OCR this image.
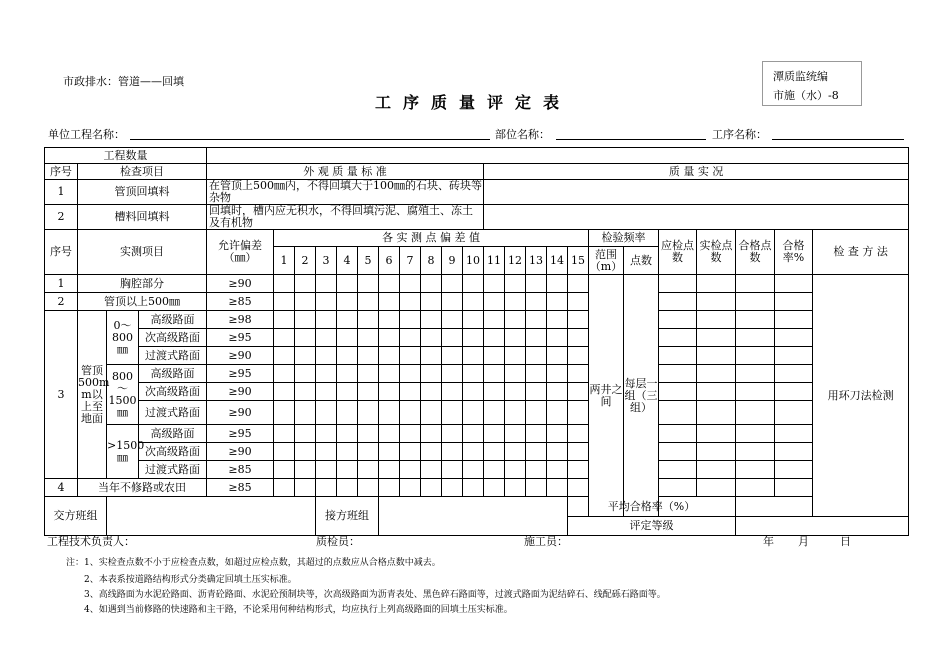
市政排水：管道——回填	潭质监统编
市施（水）-8
工序质量评定表
单位工程名称：	部位名称：	工序名称：
工程数量																										
序号	检查项目			外 观 质 量 标 准											质 量 实 况											
1	管顶回填料			在管顶上500㎜内，不得回填大于100㎜的石块、砖块等杂物																						
2	槽料回填料			回填时，槽内应无积水，不得回填污泥、腐殖土、冻土及有机物																						
序号	实测项目			允许偏差（㎜）	各 实 测 点 偏 差 值															检验频率		应检点数	实检点数	合格点数	合格率%	检 查 方 法
					1	2	3	4	5	6	7	8	9	10	11	12	13	14	15	范围（m）	点数					
1	胸腔部分			≥90																两井之间	每层一组（三组）					用环刀法检测
2	管顶以上500㎜			≥85																						
3	管顶500m m以上至地面	0～800㎜	高级路面	≥98																						
			次高级路面	≥95																						
			过渡式路面	≥90																						
		800～1500㎜	高级路面	≥95																						
			次高级路面	≥90																						
			过渡式路面	≥90																						
		>1500㎜	高级路面	≥95																						
			次高级路面	≥90																						
			过渡式路面	≥85																						
4	当年不修路或农田			≥85																						
交方班组							接方班组												平均合格率（%）							
																			评定等级							
工程技术负责人：	质检员：	施工员：	年 月	日
注：1、实检查点数不小于应检查点数，如超过应检点数，其超过的点数应从合格点数中减去。
2、本表系按道路结构形式分类确定回填土压实标准。
3、高线路面为水泥砼路面、沥青砼路面、水泥砼预制块等，次高级路面为沥青表处、黑色碎石路面等，过渡式路面为泥结碎石、线配砾石路面等。
4、如遇到当前修路的快速路和主干路，不论采用何种结构形式，均应执行上列高级路面的回填土压实标准。
